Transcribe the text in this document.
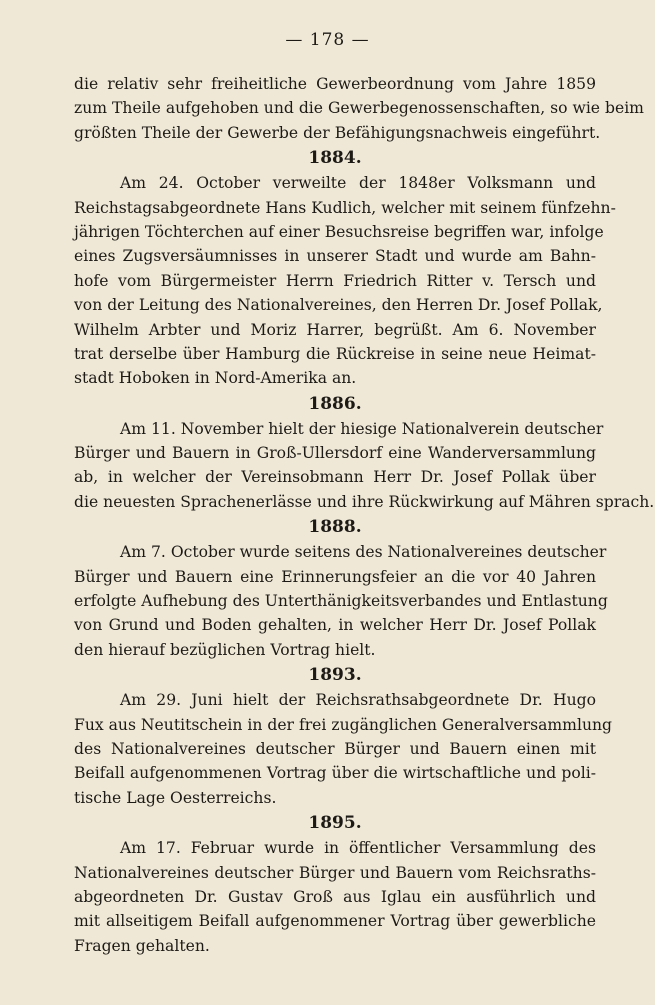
— 178 —
die relativ sehr freiheitliche Gewerbeordnung vom Jahre 1859
zum Theile aufgehoben und die Gewerbegenossenschaften, so wie beim
größten Theile der Gewerbe der Befähigungsnachweis eingeführt.
1884.
Am 24. October verweilte der 1848er Volksmann und
Reichstagsabgeordnete Hans Kudlich, welcher mit seinem fünfzehn-
jährigen Töchterchen auf einer Besuchsreise begriffen war, infolge
eines Zugsversäumnisses in unserer Stadt und wurde am Bahn-
hofe vom Bürgermeister Herrn Friedrich Ritter v. Tersch und
von der Leitung des Nationalvereines, den Herren Dr. Josef Pollak,
Wilhelm Arbter und Moriz Harrer, begrüßt. Am 6. November
trat derselbe über Hamburg die Rückreise in seine neue Heimat-
stadt Hoboken in Nord-Amerika an.
1886.
Am 11. November hielt der hiesige Nationalverein deutscher
Bürger und Bauern in Groß-Ullersdorf eine Wanderversammlung
ab, in welcher der Vereinsobmann Herr Dr. Josef Pollak über
die neuesten Sprachenerlässe und ihre Rückwirkung auf Mähren sprach.
1888.
Am 7. October wurde seitens des Nationalvereines deutscher
Bürger und Bauern eine Erinnerungsfeier an die vor 40 Jahren
erfolgte Aufhebung des Unterthänigkeitsverbandes und Entlastung
von Grund und Boden gehalten, in welcher Herr Dr. Josef Pollak
den hierauf bezüglichen Vortrag hielt.
1893.
Am 29. Juni hielt der Reichsrathsabgeordnete Dr. Hugo
Fux aus Neutitschein in der frei zugänglichen Generalversammlung
des Nationalvereines deutscher Bürger und Bauern einen mit
Beifall aufgenommenen Vortrag über die wirtschaftliche und poli-
tische Lage Oesterreichs.
1895.
Am 17. Februar wurde in öffentlicher Versammlung des
Nationalvereines deutscher Bürger und Bauern vom Reichsraths-
abgeordneten Dr. Gustav Groß aus Iglau ein ausführlich und
mit allseitigem Beifall aufgenommener Vortrag über gewerbliche
Fragen gehalten.
